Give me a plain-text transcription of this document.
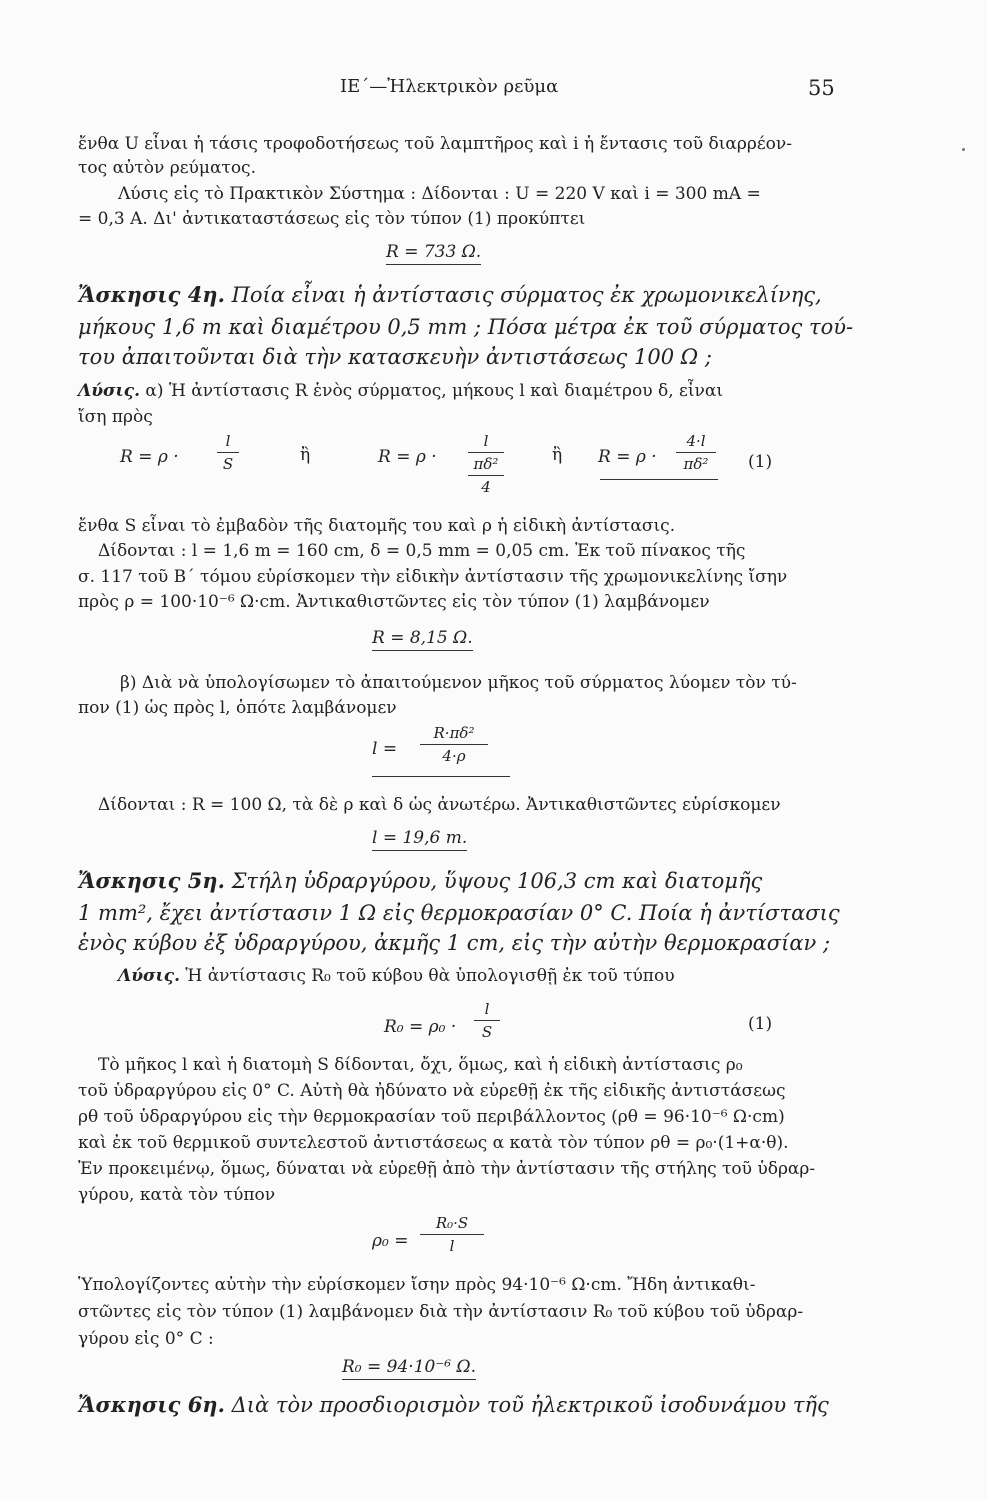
ΙΕ΄—Ἠλεκτρικὸν ρεῦμα	55
ἔνθα U εἶναι ἡ τάσις τροφοδοτήσεως τοῦ λαμπτῆρος καὶ i ἡ ἔντασις τοῦ διαρρέον-
τος αὐτὸν ρεύματος.
Λύσις εἰς τὸ Πρακτικὸν Σύστημα : Δίδονται : U = 220 V καὶ i = 300 mA =
= 0,3 A. Δι' ἀντικαταστάσεως εἰς τὸν τύπον (1) προκύπτει
R = 733 Ω.
Ἄσκησις 4η. Ποία εἶναι ἡ ἀντίστασις σύρματος ἐκ χρωμονικελίνης,
μήκους 1,6 m καὶ διαμέτρου 0,5 mm ; Πόσα μέτρα ἐκ τοῦ σύρματος τού-
του ἀπαιτοῦνται διὰ τὴν κατασκευὴν ἀντιστάσεως 100 Ω ;
Λύσις. α) Ἡ ἀντίστασις R ἑνὸς σύρματος, μήκους l καὶ διαμέτρου δ, εἶναι
ἴση πρὸς
R = ρ ·
l
S	ἢ	R = ρ ·
l
πδ²
4
ἢ R = ρ ·
4·l
πδ² (1)
ἔνθα S εἶναι τὸ ἐμβαδὸν τῆς διατομῆς του καὶ ρ ἡ εἰδικὴ ἀντίστασις.
Δίδονται : l = 1,6 m = 160 cm, δ = 0,5 mm = 0,05 cm. Ἐκ τοῦ πίνακος τῆς
σ. 117 τοῦ Β΄ τόμου εὑρίσκομεν τὴν εἰδικὴν ἀντίστασιν τῆς χρωμονικελίνης ἴσην
πρὸς ρ = 100·10⁻⁶ Ω·cm. Ἀντικαθιστῶντες εἰς τὸν τύπον (1) λαμβάνομεν
R = 8,15 Ω.
β) Διὰ νὰ ὑπολογίσωμεν τὸ ἀπαιτούμενον μῆκος τοῦ σύρματος λύομεν τὸν τύ-
πον (1) ὡς πρὸς l, ὁπότε λαμβάνομεν
l =
R·πδ²
4·ρ
Δίδονται : R = 100 Ω, τὰ δὲ ρ καὶ δ ὡς ἀνωτέρω. Ἀντικαθιστῶντες εὑρίσκομεν
l = 19,6 m.
Ἄσκησις 5η. Στήλη ὑδραργύρου, ὕψους 106,3 cm καὶ διατομῆς
1 mm², ἔχει ἀντίστασιν 1 Ω εἰς θερμοκρασίαν 0° C. Ποία ἡ ἀντίστασις
ἑνὸς κύβου ἐξ ὑδραργύρου, ἀκμῆς 1 cm, εἰς τὴν αὐτὴν θερμοκρασίαν ;
Λύσις. Ἡ ἀντίστασις R₀ τοῦ κύβου θὰ ὑπολογισθῇ ἐκ τοῦ τύπου
R₀ = ρ₀ ·
l
S	(1)
Τὸ μῆκος l καὶ ἡ διατομὴ S δίδονται, ὄχι, ὅμως, καὶ ἡ εἰδικὴ ἀντίστασις ρ₀
τοῦ ὑδραργύρου εἰς 0° C. Αὐτὴ θὰ ἠδύνατο νὰ εὑρεθῇ ἐκ τῆς εἰδικῆς ἀντιστάσεως
ρθ τοῦ ὑδραργύρου εἰς τὴν θερμοκρασίαν τοῦ περιβάλλοντος (ρθ = 96·10⁻⁶ Ω·cm)
καὶ ἐκ τοῦ θερμικοῦ συντελεστοῦ ἀντιστάσεως α κατὰ τὸν τύπον ρθ = ρ₀·(1+α·θ).
Ἐν προκειμένῳ, ὅμως, δύναται νὰ εὑρεθῇ ἀπὸ τὴν ἀντίστασιν τῆς στήλης τοῦ ὑδραρ-
γύρου, κατὰ τὸν τύπον
ρ₀ =
R₀·S
l
Ὑπολογίζοντες αὐτὴν τὴν εὑρίσκομεν ἴσην πρὸς 94·10⁻⁶ Ω·cm. Ἤδη ἀντικαθι-
στῶντες εἰς τὸν τύπον (1) λαμβάνομεν διὰ τὴν ἀντίστασιν R₀ τοῦ κύβου τοῦ ὑδραρ-
γύρου εἰς 0° C :
R₀ = 94·10⁻⁶ Ω.
Ἄσκησις 6η. Διὰ τὸν προσδιορισμὸν τοῦ ἠλεκτρικοῦ ἰσοδυνάμου τῆς
